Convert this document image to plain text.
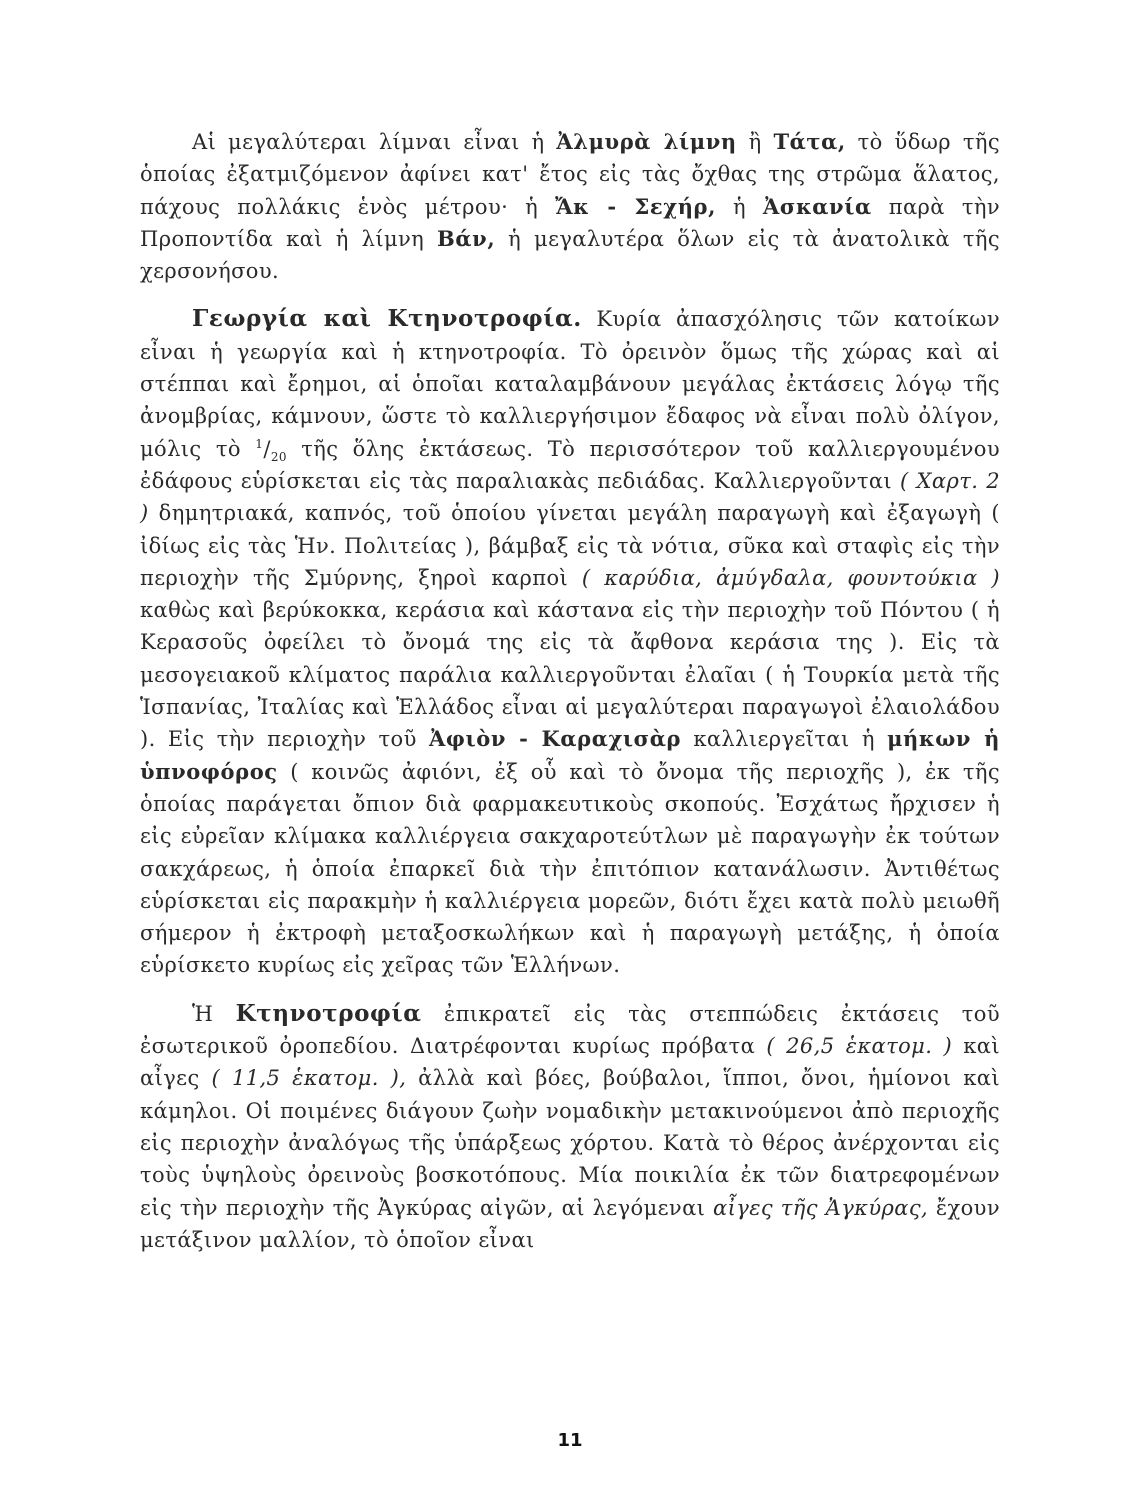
Αἱ μεγαλύτεραι λίμναι εἶναι ἡ Ἀλμυρὰ λίμνη ἢ Τάτα, τὸ ὕδωρ τῆς ὁποίας ἐξατμιζόμενον ἀφίνει κατ' ἔτος εἰς τὰς ὄχθας της στρῶμα ἅλατος, πάχους πολλάκις ἑνὸς μέτρου· ἡ Ἄκ - Σεχήρ, ἡ Ἀσκανία παρὰ τὴν Προποντίδα καὶ ἡ λίμνη Βάν, ἡ μεγαλυτέρα ὅλων εἰς τὰ ἀνατολικὰ τῆς χερσονήσου.

Γεωργία καὶ Κτηνοτροφία. Κυρία ἀπασχόλησις τῶν κατοίκων εἶναι ἡ γεωργία καὶ ἡ κτηνοτροφία. Τὸ ὀρεινὸν ὅμως τῆς χώρας καὶ αἱ στέππαι καὶ ἔρημοι, αἱ ὁποῖαι καταλαμβάνουν μεγάλας ἐκτάσεις λόγῳ τῆς ἀνομβρίας, κάμνουν, ὥστε τὸ καλλιεργήσιμον ἔδαφος νὰ εἶναι πολὺ ὀλίγον, μόλις τὸ $^1/_{20}$ τῆς ὅλης ἐκτάσεως. Τὸ περισσότερον τοῦ καλλιεργουμένου ἐδάφους εὑρίσκεται εἰς τὰς παραλιακὰς πεδιάδας. Καλλιεργοῦνται ( Χαρτ. 2 ) δημητριακά, καπνός, τοῦ ὁποίου γίνεται μεγάλη παραγωγὴ καὶ ἐξαγωγὴ ( ἰδίως εἰς τὰς Ἡν. Πολιτείας ), βάμβαξ εἰς τὰ νότια, σῦκα καὶ σταφὶς εἰς τὴν περιοχὴν τῆς Σμύρνης, ξηροὶ καρποὶ ( καρύδια, ἀμύγδαλα, φουντούκια ) καθὼς καὶ βερύκοκκα, κεράσια καὶ κάστανα εἰς τὴν περιοχὴν τοῦ Πόντου ( ἡ Κερασοῦς ὀφείλει τὸ ὄνομά της εἰς τὰ ἄφθονα κεράσια της ). Εἰς τὰ μεσογειακοῦ κλίματος παράλια καλλιεργοῦνται ἐλαῖαι ( ἡ Τουρκία μετὰ τῆς Ἱσπανίας, Ἰταλίας καὶ Ἑλλάδος εἶναι αἱ μεγαλύτεραι παραγωγοὶ ἐλαιολάδου ). Εἰς τὴν περιοχὴν τοῦ Ἀφιὸν - Καραχισὰρ καλλιεργεῖται ἡ μήκων ἡ ὑπνοφόρος ( κοινῶς ἀφιόνι, ἐξ οὗ καὶ τὸ ὄνομα τῆς περιοχῆς ), ἐκ τῆς ὁποίας παράγεται ὄπιον διὰ φαρμακευτικοὺς σκοπούς. Ἐσχάτως ἤρχισεν ἡ εἰς εὐρεῖαν κλίμακα καλλιέργεια σακχαροτεύτλων μὲ παραγωγὴν ἐκ τούτων σακχάρεως, ἡ ὁποία ἐπαρκεῖ διὰ τὴν ἐπιτόπιον κατανάλωσιν. Ἀντιθέτως εὑρίσκεται εἰς παρακμὴν ἡ καλλιέργεια μορεῶν, διότι ἔχει κατὰ πολὺ μειωθῆ σήμερον ἡ ἐκτροφὴ μεταξοσκωλήκων καὶ ἡ παραγωγὴ μετάξης, ἡ ὁποία εὑρίσκετο κυρίως εἰς χεῖρας τῶν Ἑλλήνων.

Ἡ Κτηνοτροφία ἐπικρατεῖ εἰς τὰς στεππώδεις ἐκτάσεις τοῦ ἐσωτερικοῦ ὀροπεδίου. Διατρέφονται κυρίως πρόβατα ( 26,5 ἑκατομ. ) καὶ αἶγες ( 11,5 ἑκατομ. ), ἀλλὰ καὶ βόες, βούβαλοι, ἵπποι, ὄνοι, ἡμίονοι καὶ κάμηλοι. Οἱ ποιμένες διάγουν ζωὴν νομαδικὴν μετακινούμενοι ἀπὸ περιοχῆς εἰς περιοχὴν ἀναλόγως τῆς ὑπάρξεως χόρτου. Κατὰ τὸ θέρος ἀνέρχονται εἰς τοὺς ὑψηλοὺς ὀρεινοὺς βοσκοτόπους. Μία ποικιλία ἐκ τῶν διατρεφομένων εἰς τὴν περιοχὴν τῆς Ἀγκύρας αἰγῶν, αἱ λεγόμεναι αἶγες τῆς Ἀγκύρας, ἔχουν μετάξινον μαλλίον, τὸ ὁποῖον εἶναι

11
